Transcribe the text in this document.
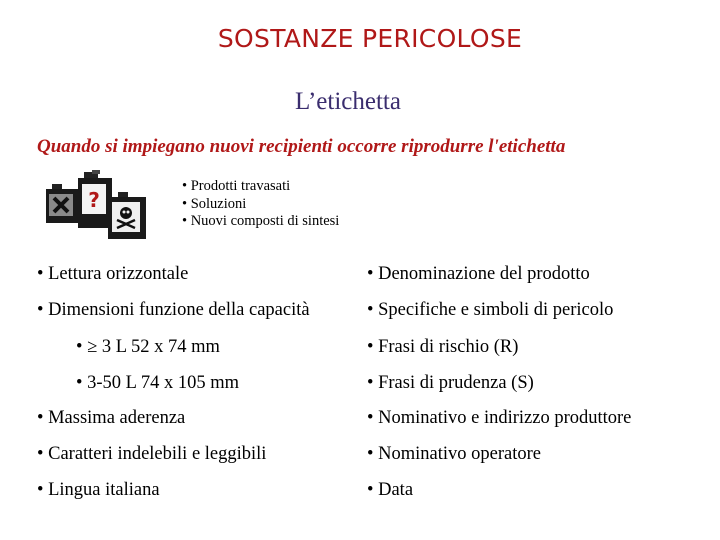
SOSTANZE PERICOLOSE
L’etichetta
Quando si impiegano nuovi recipienti occorre riprodurre l'etichetta
?
• Prodotti travasati
• Soluzioni
• Nuovi composti di sintesi
• Lettura orizzontale
• Dimensioni funzione della capacità
• ≥ 3 L 52 x 74 mm
• 3-50 L 74 x 105 mm
• Massima aderenza
• Caratteri indelebili e leggibili
• Lingua italiana
• Denominazione del prodotto
• Specifiche e simboli di pericolo
• Frasi di rischio (R)
• Frasi di prudenza (S)
• Nominativo e indirizzo produttore
• Nominativo operatore
• Data
